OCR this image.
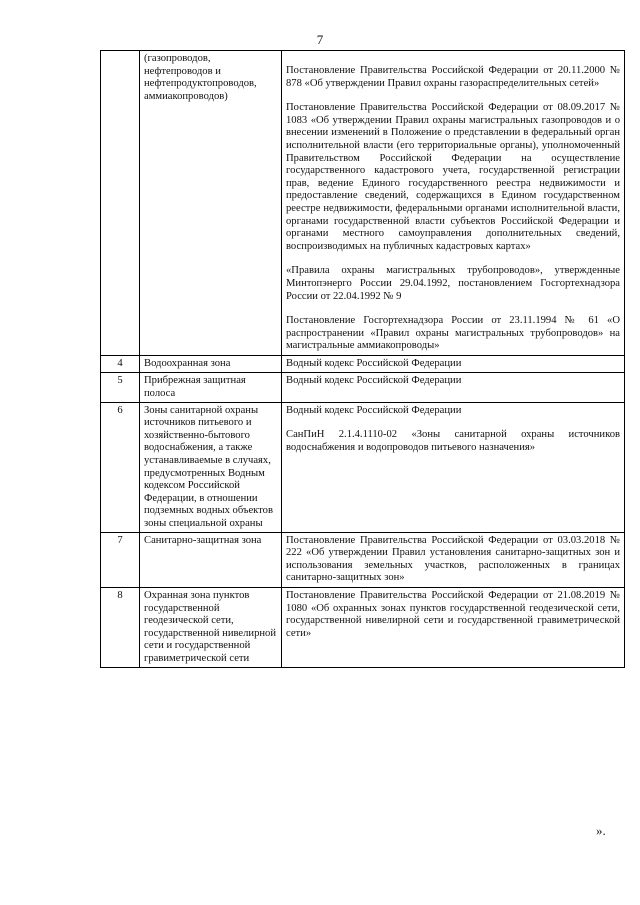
7
	(газопроводов, нефтепроводов и нефтепродуктопроводов, аммиакопроводов)	Постановление Правительства Российской Федерации от 20.11.2000 № 878 «Об утверждении Правил охраны газораспределительных сетей»

Постановление Правительства Российской Федерации от 08.09.2017 № 1083 «Об утверждении Правил охраны магистральных газопроводов и о внесении изменений в Положение о представлении в федеральный орган исполнительной власти (его территориальные органы), уполномоченный Правительством Российской Федерации на осуществление государственного кадастрового учета, государственной регистрации прав, ведение Единого государственного реестра недвижимости и предоставление сведений, содержащихся в Едином государственном реестре недвижимости, федеральными органами исполнительной власти, органами государственной власти субъектов Российской Федерации и органами местного самоуправления дополнительных сведений, воспроизводимых на публичных кадастровых картах»

«Правила охраны магистральных трубопроводов», утвержденные Минтопэнерго России 29.04.1992, постановлением Госгортехнадзора России от 22.04.1992 № 9

Постановление Госгортехнадзора России от 23.11.1994 № 61 «О распространении «Правил охраны магистральных трубопроводов» на магистральные аммиакопроводы»

4	Водоохранная зона	Водный кодекс Российской Федерации

5	Прибрежная защитная полоса	Водный кодекс Российской Федерации

6	Зоны санитарной охраны источников питьевого и хозяйственно-бытового водоснабжения, а также устанавливаемые в случаях, предусмотренных Водным кодексом Российской Федерации, в отношении подземных водных объектов зоны специальной охраны	Водный кодекс Российской Федерации

СанПиН 2.1.4.1110-02 «Зоны санитарной охраны источников водоснабжения и водопроводов питьевого назначения»

7	Санитарно-защитная зона	Постановление Правительства Российской Федерации от 03.03.2018 № 222 «Об утверждении Правил установления санитарно-защитных зон и использования земельных участков, расположенных в границах санитарно-защитных зон»

8	Охранная зона пунктов государственной геодезической сети, государственной нивелирной сети и государственной гравиметрической сети	Постановление Правительства Российской Федерации от 21.08.2019 № 1080 «Об охранных зонах пунктов государственной геодезической сети, государственной нивелирной сети и государственной гравиметрической сети»

».
